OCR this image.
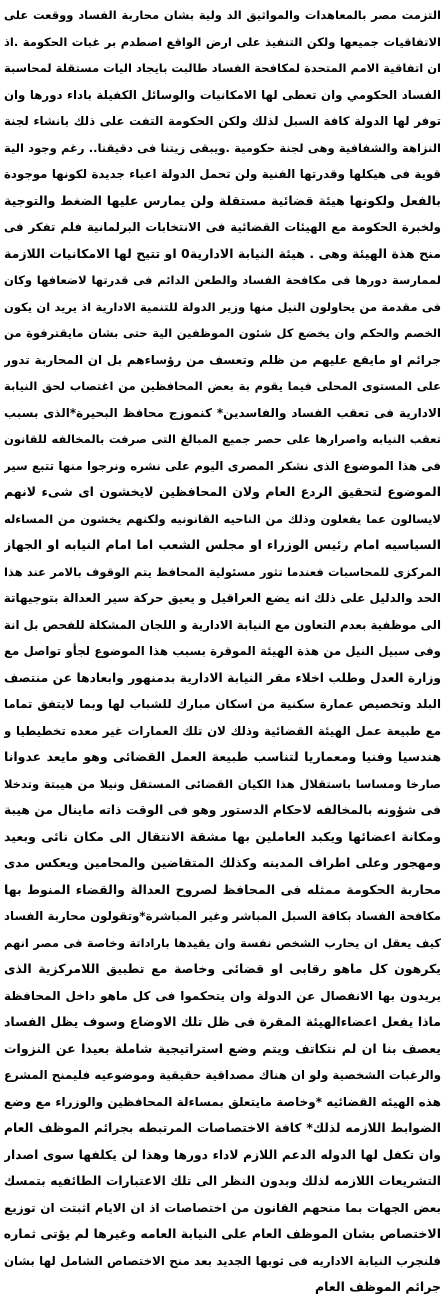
التزمت مصر بالمعاهدات والمواثيق الد ولية بشان محاربة الفساد ووقعت على
الاتفاقيات جميعها ولكن التنفيذ على ارض الواقع اصطدم بر غبات الحكومة .اذ
ان اتفاقية الامم المتحدة لمكافحة الفساد طالبت بايجاد اليات مستقلة لمحاسبة
الفساد الحكومي وان تعطى لها الامكانيات والوسائل الكفيلة باداء دورها وان
توفر لها الدولة كافة السبل لذلك ولكن الحكومة التفت على ذلك بانشاء لجنة
النزاهة والشفافية وهى لجنة حكومية .ويبقى زيتنا فى دقيقنا.. رغم وجود الية
قوية فى هيكلها وقدرتها الفنية ولن تحمل الدولة اعباء جديدة لكونها موجودة
بالفعل ولكونها هيئة قضائية مستقلة ولن يمارس عليها الضغط والتوجية
ولخبرة الحكومة مع الهيئات القضائية فى الانتخابات البرلمانية فلم تفكر فى
منح هذة الهيئة وهى . هيئة النيابة الادارية0 او تتيح لها الامكانيات اللازمة
لممارسة دورها فى مكافحة الفساد والطعن الدائم فى قدرتها لاضعافها وكان
فى مقدمة من يحاولون النيل منها وزير الدولة للتنمية الادارية اذ يريد ان يكون
الخصم والحكم وان يخضع كل شئون الموظفين الية حتى بشان مايقترفوة من
جرائم او مايقع عليهم من ظلم وتعسف من رؤساءهم بل ان المحاربة تدور
على المستوى المحلى فيما يقوم بة بعض المحافظين من اغتصاب لحق النيابة
الادارية فى تعقب الفساد والفاسدين* كنموزج محافظ البحيرة*الذى بسبب
تعقب النيابه واصرارها على حصر جميع المبالغ التى صرفت بالمخالفه للقانون
فى هذا الموضوع الذى نشكر المصرى اليوم على نشره ونرجوا منها تتبع سير
الموضوع لتحقيق الردع العام ولان المحافظين لايخشون اى شىء لانهم
لايسالون عما يفعلون وذلك من الناحيه القانونيه ولكنهم يخشون من المساءله
السياسيه امام رئيس الوزراء او مجلس الشعب اما امام النيابه او الجهاز
المركزى للمحاسبات فعندما تثور مسئولية المحافظ يتم الوقوف بالامر عند هذا
الحد والدليل على ذلك انه يضع العراقيل و يعيق حركة سير العدالة بتوجيهاتة
الى موظفية بعدم التعاون مع النيابة الادارية و اللجان المشكلة للفحص بل انة
وفى سبيل النيل من هذة الهيئة الموقرة بسبب هذا الموضوع لجأو تواصل مع
وزارة العدل وطلب اخلاء مقر النيابة الادارية بدمنهور وابعادها عن منتصف
البلد وتخصيص عمارة سكنية من اسكان مبارك للشباب لها وبما لايتفق تماما
مع طبيعة عمل الهيئة القضائية وذلك لان تلك العمارات غير معده تخطيطيا و
هندسيا وفنيا ومعماريا لتناسب طبيعة العمل القضائى وهو مايعد عدوانا
صارخا ومساسا باستقلال هذا الكيان القضائى المستقل ونيلا من هيبتة وتدخلا
فى شؤونه بالمخالفه لاحكام الدستور وهو فى الوقت ذاته ماينال من هيبة
ومكانة اعضائها ويكبد العاملين بها مشقة الانتقال الى مكان نائى وبعيد
ومهجور وعلى اطراف المدينه وكذلك المتقاضين والمحامين ويعكس مدى
محاربة الحكومة ممثله فى المحافظ لصروح العدالة والقضاء المنوط بها
مكافحة الفساد بكافة السبل المباشر وغير المباشرة*وتقولون محاربة الفساد
كيف يعقل ان يحارب الشخص نفسة وان يقيدها باراداتة وخاصة فى مصر انهم
يكرهون كل ماهو رقابى او قضائى وخاصة مع تطبيق اللامركزية الذى
يريدون بها الانفصال عن الدولة وان يتحكموا فى كل ماهو داخل المحافظة
ماذا يفعل اعضاءالهيئة المقرة فى ظل تلك الاوضاع وسوف يظل الفساد
يعصف بنا ان لم نتكاتف ويتم وضع استراتيجية شاملة بعيدا عن النزوات
والرغبات الشخصية ولو ان هناك مصداقية حقيقية وموضوعيه فليمنح المشرع
هذه الهيئه القضائيه *وخاصة مايتعلق بمساءلة المحافظين والوزراء مع وضع
الضوابط اللازمه لذلك* كافة الاختصاصات المرتبطه بجرائم الموظف العام
وان تكفل لها الدوله الدعم اللازم لاداء دورها وهذا لن يكلفها سوى اصدار
التشريعات اللازمه لذلك وبدون النظر الى تلك الاعتبارات الطائفيه بتمسك
بعض الجهات بما منحهم القانون من اختصاصات اذ ان الايام اثبتت ان توزيع
الاختصاص بشان الموظف العام على النيابة العامه وغيرها لم يؤتى ثماره
فلنجرب النيابة الاداريه فى ثوبها الجديد بعد منح الاختصاص الشامل لها بشان
جرائم الموظف العام
